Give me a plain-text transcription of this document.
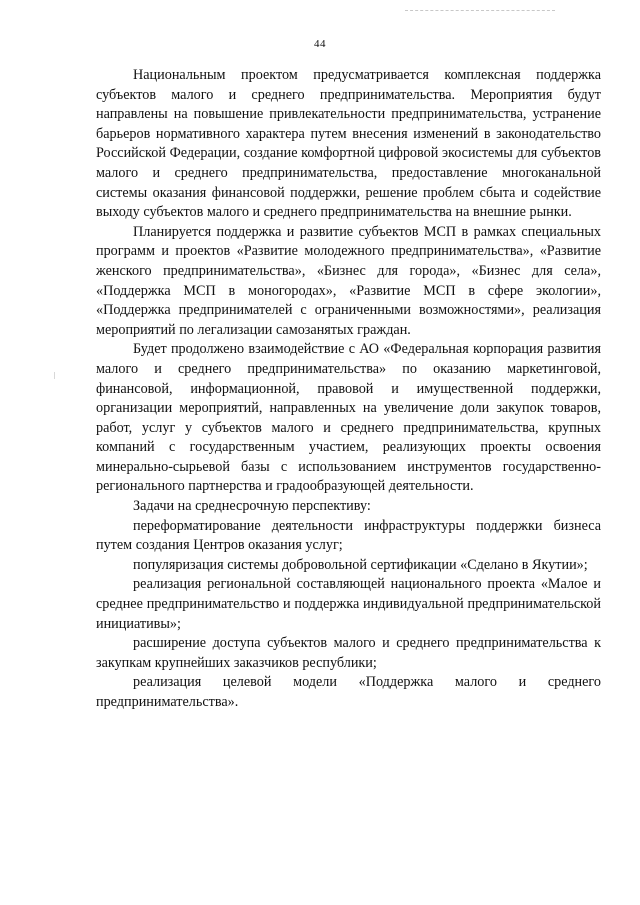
44

Национальным проектом предусматривается комплексная поддержка субъектов малого и среднего предпринимательства. Мероприятия будут направлены на повышение привлекательности предпринимательства, устранение барьеров нормативного характера путем внесения изменений в законодательство Российской Федерации, создание комфортной цифровой экосистемы для субъектов малого и среднего предпринимательства, предоставление многоканальной системы оказания финансовой поддержки, решение проблем сбыта и содействие выходу субъектов малого и среднего предпринимательства на внешние рынки.

Планируется поддержка и развитие субъектов МСП в рамках специальных программ и проектов «Развитие молодежного предпринимательства», «Развитие женского предпринимательства», «Бизнес для города», «Бизнес для села», «Поддержка МСП в моногородах», «Развитие МСП в сфере экологии», «Поддержка предпринимателей с ограниченными возможностями», реализация мероприятий по легализации самозанятых граждан.

Будет продолжено взаимодействие с АО «Федеральная корпорация развития малого и среднего предпринимательства» по оказанию маркетинговой, финансовой, информационной, правовой и имущественной поддержки, организации мероприятий, направленных на увеличение доли закупок товаров, работ, услуг у субъектов малого и среднего предпринимательства, крупных компаний с государственным участием, реализующих проекты освоения минерально-сырьевой базы с использованием инструментов государственно-регионального партнерства и градообразующей деятельности.

Задачи на среднесрочную перспективу:

переформатирование деятельности инфраструктуры поддержки бизнеса путем создания Центров оказания услуг;

популяризация системы добровольной сертификации «Сделано в Якутии»;

реализация региональной составляющей национального проекта «Малое и среднее предпринимательство и поддержка индивидуальной предпринимательской инициативы»;

расширение доступа субъектов малого и среднего предпринимательства к закупкам крупнейших заказчиков республики;

реализация целевой модели «Поддержка малого и среднего предпринимательства».
